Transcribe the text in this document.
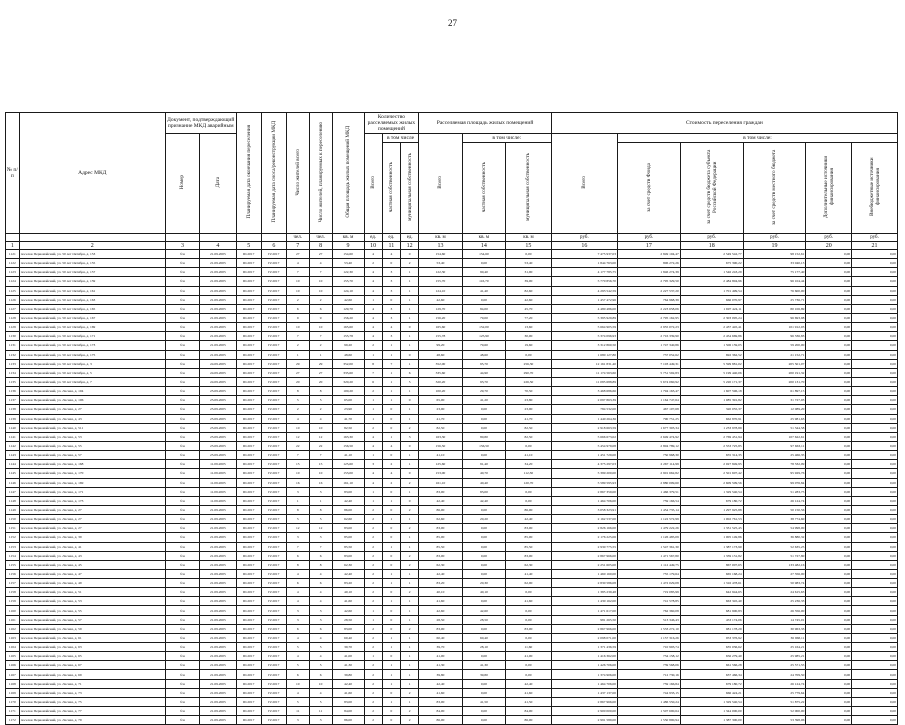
27
№ п/п	Адрес МКД	Документ, подтверждающий признание МКД аварийным		Планируемая дата окончания переселения	Планируемая дата сноса/реконструкции МКД	Число жителей всего	Число жителей, планируемых к переселению	Общая площадь жилых помещений МКД	Количество расселяемых жилых помещений			Расселяемая площадь жилых помещений			Стоимость переселения граждан					
		Номер	Дата						Всего	в том числе		Всего	в том числе:		Всего	в том числе:				
										частная собственность	муниципальная собственность		частная собственность	муниципальная собственность		за счет средств Фонда	за счет средств бюджета субъекта Российской Федерации	за счет средств местного бюджета	Дополнительные источники финансирования	Внебюджетные источники финансирования
						чел.	чел.	кв. м	ед.	ед.	ед.	кв. м	кв. м	кв. м	руб.	руб.	руб.	руб.	руб.	руб.
1	2	3	4	5	6	7	8	9	10	11	12	13	14	15	16	17	18	19	20	21
1121	поселок Первомайский, ул. 50 лет Октября, д. 153	б/н	21.09.2005	III.2017	IV.2017	27	27	154,60	4	4	0	154,60	154,60	0,00	7 475 937,03	2 849 104,47	2 549 542,77	98 152,61	0,00	0,00
1122	поселок Первомайский, ул. 50 лет Октября, д. 155	б/н	21.09.2005	III.2017	IV.2017	4	4	53,40	2	0	2	53,40	0,00	53,40	1 844 763,00	806 272,26	675 390,22	33 040,13	0,00	0,00
1123	поселок Первомайский, ул. 50 лет Октября, д. 157	б/н	21.09.2005	III.2017	IV.2017	7	7	122,30	4	3	1	122,30	90,40	31,90	4 177 785,75	1 846 274,39	1 546 243,29	75 177,40	0,00	0,00
1124	поселок Первомайский, ул. 50 лет Октября, д. 159	б/н	21.09.2005	III.2017	IV.2017	10	10	155,70	4	3	1	155,70	116,70	39,00	5 770 856,70	2 795 329,50	2 484 804,96	96 104,44	0,00	0,00
1125	поселок Первомайский, ул. 50 лет Октября, д. 161	б/н	21.09.2005	III.2017	IV.2017	10	10	124,10	4	3	1	124,10	41,40	82,60	4 293 542,59	2 227 537,20	1 701 499,54	76 600,00	0,00	0,00
1126	поселок Первомайский, ул. 50 лет Октября, д. 163	б/н	21.09.2005	III.2017	IV.2017	2	2	42,60	1	0	1	42,60	0,00	42,60	1 457 472,96	764 968,39	666 070,97	25 736,71	0,00	0,00
1127	поселок Первомайский, ул. 50 лет Октября, д. 165	б/н	21.09.2005	III.2017	IV.2017	6	6	129,70	4	3	1	129,70	84,00	45,70	4 480 486,00	2 223 658,06	1 697 424,11	80 106,89	0,00	0,00
1128	поселок Первомайский, ул. 50 лет Октября, д. 167	б/н	21.09.2005	III.2017	IV.2017	9	9	156,20	4	3	1	156,20	79,00	77,20	5 395 929,89	2 795 162,95	2 303 095,24	96 693,98	0,00	0,00
1129	поселок Первомайский, ул. 50 лет Октября, д. 169	б/н	21.09.2005	III.2017	IV.2017	10	10	165,60	4	4	0	165,60	152,00	13,60	5 664 905,59	2 955 072,23	2 437 445,41	101 912,03	0,00	0,00
1130	поселок Первомайский, ул. 50 лет Октября, д. 171	б/н	21.09.2005	III.2017	IV.2017	7	7	155,78	4	3	1	155,78	125,90	30,00	5 374 096,93	2 716 339,90	2 454 669,86	96 336,83	0,00	0,00
1131	поселок Первомайский, ул. 50 лет Октября, д. 173	б/н	21.09.2005	III.2017	IV.2017	2	2	99,20	2	1	1	99,20	79,60	19,60	3 312 860,50	1 747 340,86	1 506 159,05	59 200,00	0,00	0,00
1132	поселок Первомайский, ул. 50 лет Октября, д. 175	б/н	21.09.2005	III.2017	IV.2017	1	1	48,60	1	1	0	48,60	48,60	0,00	1 680 127,80	737 052,62	692 362,52	21 152,71	0,00	0,00
1133	поселок Первомайский, ул. 50 лет Октября, д. 3	б/н	24.09.2005	III.2017	IV.2017	29	29	352,00	8	7	1	352,00	95,70	256,30	12 161 831,40	7 103 449,31	5 599 881,02	205 501,07	0,00	0,00
1134	поселок Первомайский, ул. 50 лет Октября, д. 5	б/н	24.09.2005	III.2017	IV.2017	27	27	335,60	7	1	6	335,60	44,90	290,70	11 174 563,60	5 751 592,83	5 199 440,06	200 191,32	0,00	0,00
1135	поселок Первомайский, ул. 50 лет Октября, д. 7	б/н	24.09.2005	III.2017	IV.2017	20	20	320,20	6	1	5	320,20	93,70	226,50	11 085 688,89	5 674 060,92	5 220 171,37	200 131,70	0,00	0,00
1136	поселок Первомайский, ул. Лесная, д. 104	б/н	25.09.2005	III.2017	IV.2017	8	8	100,20	2	1	1	100,20	29,70	70,50	3 468 686,66	1 794 163,47	1 607 596,18	61 897,15	0,00	0,00
1137	поселок Первомайский, ул. Лесная, д. 106	б/н	25.09.2005	III.2017	IV.2017	5	5	65,00	1	1	0	65,00	41,20	23,80	2 097 863,39	1 164 747,64	1 085 391,82	31 727,93	0,00	0,00
1138	поселок Первомайский, ул. Лесная, д. 27	б/н	25.09.2005	III.2017	IV.2017	2	2	23,90	1	0	1	23,90	0,00	23,90	784 532,00	467 107,68	320 055,37	12 089,20	0,00	0,00
1139	поселок Первомайский, ул. Лесная, д. 43	б/н	25.09.2005	III.2017	IV.2017	4	4	41,70	1	0	1	41,70	0,00	41,70	1 440 264,36	790 751,25	662 870,91	25 981,63	0,00	0,00
1140	поселок Первомайский, ул. Лесная, д. 511	б/н	25.09.2005	III.2017	IV.2017	10	10	82,50	2	0	2	82,50	0,00	82,50	2 918 663,59	1 677 303,34	1 233 978,89	51 344,58	0,00	0,00
1141	поселок Первомайский, ул. Лесная, д. 53	б/н	25.09.2005	III.2017	IV.2017	12	12	163,30	4	1	3	163,30	80,80	82,50	5 666 673,02	2 649 474,92	2 769 451,94	107 622,61	0,00	0,00
1142	поселок Первомайский, ул. Лесная, д. 55	б/н	25.09.2005	III.2017	IV.2017	22	22	156,50	4	4	0	156,50	156,50	0,00	5 454 979,08	2 804 789,12	2 553 725,85	97 663,11	0,00	0,00
1143	поселок Первомайский, ул. Лесная, д. 57	б/н	25.09.2005	III.2017	IV.2017	7	7	41,10	1	0	1	41,10	0,00	41,10	1 451 729,00	750 968,30	655 314,35	25 466,35	0,00	0,00
1144	поселок Первомайский, ул. Лесная, д. 168	б/н	11.09.2005	III.2017	IV.2017	15	15	125,60	3	2	1	125,60	91,40	34,20	4 375 297,03	2 267 114,99	2 027 849,95	78 332,09	0,00	0,00
1145	поселок Первомайский, ул. Лесная, д. 170	б/н	11.09.2005	III.2017	IV.2017	10	10	153,00	4	4	0	153,00	40,70	112,30	5 399 200,00	2 901 662,82	2 501 607,42	95 929,76	0,00	0,00
1146	поселок Первомайский, ул. Лесная, д. 169	б/н	11.09.2005	III.2017	IV.2017	16	16	161,10	4	2	2	161,10	40,40	120,70	5 589 595,93	2 880 009,60	2 609 509,56	99 076,84	0,00	0,00
1147	поселок Первомайский, ул. Лесная, д. 171	б/н	11.09.2005	III.2017	IV.2017	3	3	83,00	1	0	1	83,00	83,00	0,00	2 867 359,00	1 466 379,51	1 329 540,54	51 283,75	0,00	0,00
1148	поселок Первомайский, ул. Лесная, д. 173	б/н	11.09.2005	III.2017	IV.2017	1	1	42,40	1	1	0	42,40	42,40	0,00	1 464 706,00	759 166,54	679 180,72	26 124,74	0,00	0,00
1149	поселок Первомайский, ул. Лесная, д. 27	б/н	21.09.2005	III.2017	IV.2017	8	8	86,00	2	0	2	86,00	0,00	86,00	3 058 323,91	1 454 735,14	1 297 925,88	50 150,56	0,00	0,00
1150	поселок Первомайский, ул. Лесная, д. 27	б/н	21.09.2005	III.2017	IV.2017	5	5	62,60	2	1	1	62,60	20,20	42,40	2 162 537,00	1 122 572,99	1 002 761,53	38 774,60	0,00	0,00
1151	поселок Первомайский, ул. Лесная, д. 27	б/н	21.09.2005	III.2017	IV.2017	12	12	83,00	2	0	2	83,00	0,00	83,00	2 826 166,00	1 479 222,26	1 331 525,45	54 998,00	0,00	0,00
1152	поселок Первомайский, ул. Лесная, д. 39	б/н	21.09.2005	III.2017	IV.2017	3	3	85,00	2	0	1	85,00	0,00	85,00	2 176 225,06	1 126 485,09	1 005 149,86	36 880,32	0,00	0,00
1153	поселок Первомайский, ул. Лесная, д. 41	б/н	21.09.2005	III.2017	IV.2017	7	7	85,50	2	1	1	85,50	0,00	85,50	2 930 775,55	1 547 361,30	1 387 173,90	52 635,25	0,00	0,00
1154	поселок Первомайский, ул. Лесная, д. 43	б/н	21.09.2005	III.2017	IV.2017	6	6	83,00	2	0	2	83,00	0,00	83,00	2 867 966,00	1 471 567,80	1 339 131,82	51 727,80	0,00	0,00
1155	поселок Первомайский, ул. Лесная, д. 45	б/н	21.09.2005	III.2017	IV.2017	8	8	62,30	2	0	2	62,30	0,00	62,30	2 251 605,00	1 112 449,75	867 007,65	133 482,16	0,00	0,00
1156	поселок Первомайский, ул. Лесная, д. 47	б/н	21.09.2005	III.2017	IV.2017	4	4	42,40	2	1	1	42,40	0,00	41,40	1 460 160,00	755 179,64	665 168,24	27 356,00	0,00	0,00
1157	поселок Первомайский, ул. Лесная, д. 49	б/н	21.09.2005	III.2017	IV.2017	6	6	83,20	2	1	1	83,20	20,30	62,90	2 830 586,08	1 472 029,08	1 316 478,61	50 983,74	0,00	0,00
1158	поселок Первомайский, ул. Лесная, д. 51	б/н	21.09.2005	III.2017	IV.2017	4	4	40,10	2	0	2	40,10	40,10	0,00	1 385 239,48	719 085,99	642 944,65	24 615,63	0,00	0,00
1159	поселок Первомайский, ул. Лесная, д. 53	б/н	21.09.2005	III.2017	IV.2017	4	4	41,60	2	1	1	41,60	0,00	41,60	1 430 162,00	741 578,85	663 345,40	25 236,33	0,00	0,00
1160	поселок Первомайский, ул. Лесная, д. 55	б/н	21.09.2005	III.2017	IV.2017	3	3	42,60	1	0	1	42,60	42,60	0,00	1 471 617,00	762 360,08	681 900,83	26 356,00	0,00	0,00
1161	поселок Первомайский, ул. Лесная, д. 57	б/н	21.09.2005	III.2017	IV.2017	3	3	28,50	1	0	1	28,50	28,50	0,00	981 265,50	513 346,43	453 174,06	14 745,01	0,00	0,00
1162	поселок Первомайский, ул. Лесная, д. 59	б/н	21.09.2005	III.2017	IV.2017	6	6	83,00	2	0	2	83,00	0,00	83,00	2 867 966,00	1 533 272,10	981 178,29	30 963,33	0,00	0,00
1163	поселок Первомайский, ул. Лесная, д. 61	б/н	21.09.2005	III.2017	IV.2017	4	4	60,40	2	1	1	60,40	60,40	0,00	2 098 071,00	1 157 316,26	953 376,92	36 968,11	0,00	0,00
1164	поселок Первомайский, ул. Лесная, д. 63	б/н	21.09.2005	III.2017	IV.2017	5	5	39,70	2	1	1	39,70	28,10	11,60	1 371 436,59	710 993,74	635 036,62	25 164,21	0,00	0,00
1165	поселок Первомайский, ул. Лесная, д. 65	б/н	21.09.2005	III.2017	IV.2017	4	4	41,00	1	0	1	41,00	0,00	41,00	1 416 362,00	734 158,12	656 279,40	25 985,21	0,00	0,00
1166	поселок Первомайский, ул. Лесная, д. 67	б/н	21.09.2005	III.2017	IV.2017	5	5	41,30	2	1	1	41,30	41,30	0,00	1 426 706,00	739 568,06	661 566,28	25 571,55	0,00	0,00
1167	поселок Первомайский, ул. Лесная, д. 69	б/н	21.09.2005	III.2017	IV.2017	6	6	39,80	2	1	1	39,80	39,80	0,00	1 374 906,00	712 730,16	637 466,34	24 709,50	0,00	0,00
1168	поселок Первомайский, ул. Лесная, д. 71	б/н	21.09.2005	III.2017	IV.2017	10	10	42,40	2	1	1	42,40	0,00	42,40	1 464 706,00	759 166,84	679 180,72	26 124,74	0,00	0,00
1169	поселок Первомайский, ул. Лесная, д. 73	б/н	21.09.2005	III.2017	IV.2017	4	4	41,60	2	0	2	41,60	0,00	41,60	1 437 137,00	744 933,15	666 424,21	25 779,64	0,00	0,00
1170	поселок Первомайский, ул. Лесная, д. 75	б/н	21.09.2005	III.2017	IV.2017	5	5	83,00	2	1	1	83,00	41,50	41,50	2 867 966,00	1 486 550,24	1 329 540,54	51 875,22	0,00	0,00
1171	поселок Первомайский, ул. Лесная, д. 77	б/н	21.09.2005	III.2017	IV.2017	11	11	84,00	2	0	2	84,00	0,00	84,00	2 900 000,00	1 507 690,64	1 344 000,00	52 000,00	0,00	0,00
1172	поселок Первомайский, ул. Лесная, д. 79	б/н	21.09.2005	III.2017	IV.2017	3	3	86,00	2	0	2	86,00	0,00	86,00	2 991 589,00	1 550 890,94	1 387 300,00	53 398,06	0,00	0,00
